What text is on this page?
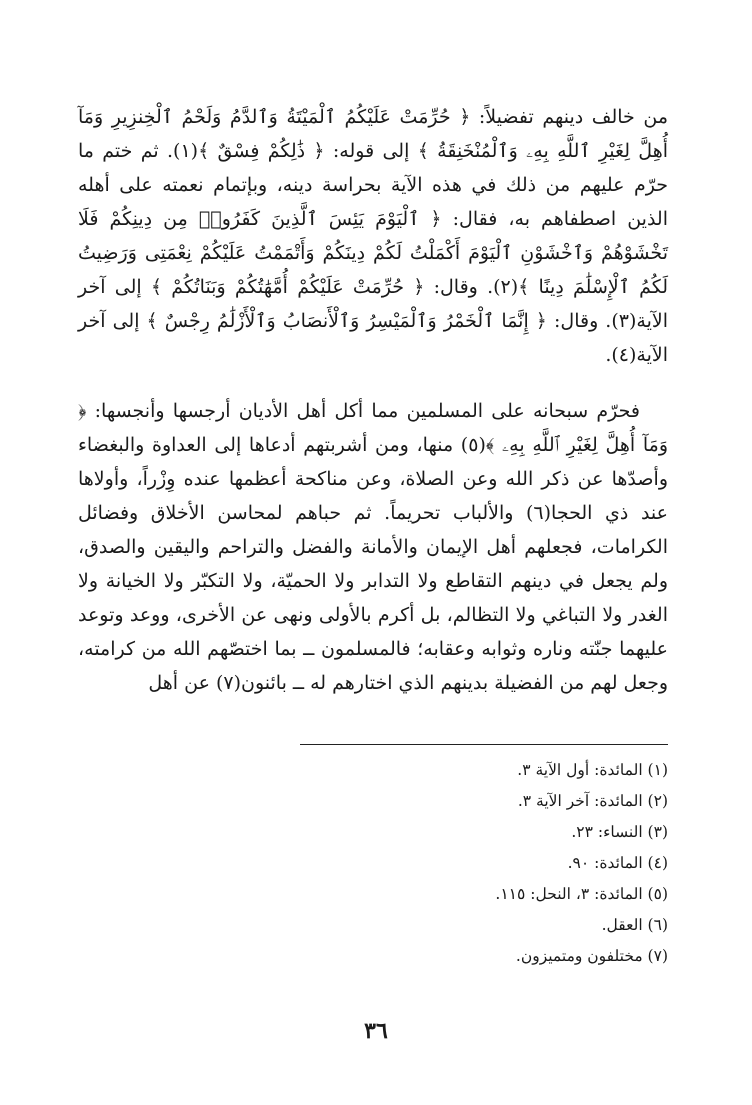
من خالف دينهم تفضيلاً: ﴿ حُرِّمَتْ عَلَيْكُمُ ٱلْمَيْتَةُ وَٱلدَّمُ وَلَحْمُ ٱلْخِنزِيرِ وَمَآ أُهِلَّ لِغَيْرِ ٱللَّهِ بِهِۦ وَٱلْمُنْخَنِقَةُ ﴾ إلى قوله: ﴿ ذَٰلِكُمْ فِسْقٌ ﴾(١). ثم ختم ما حرّم عليهم من ذلك في هذه الآية بحراسة دينه، وبإتمام نعمته على أهله الذين اصطفاهم به، فقال: ﴿ ٱلْيَوْمَ يَئِسَ ٱلَّذِينَ كَفَرُوا۟ مِن دِينِكُمْ فَلَا تَخْشَوْهُمْ وَٱخْشَوْنِ ٱلْيَوْمَ أَكْمَلْتُ لَكُمْ دِينَكُمْ وَأَتْمَمْتُ عَلَيْكُمْ نِعْمَتِى وَرَضِيتُ لَكُمُ ٱلْإِسْلَٰمَ دِينًا ﴾(٢). وقال: ﴿ حُرِّمَتْ عَلَيْكُمْ أُمَّهَٰتُكُمْ وَبَنَاتُكُمْ ﴾ إلى آخر الآية(٣). وقال: ﴿ إِنَّمَا ٱلْخَمْرُ وَٱلْمَيْسِرُ وَٱلْأَنصَابُ وَٱلْأَزْلَٰمُ رِجْسٌ ﴾ إلى آخر الآية(٤).

فحرّم سبحانه على المسلمين مما أكل أهل الأديان أرجسها وأنجسها: ﴿ وَمَآ أُهِلَّ لِغَيْرِ ٱللَّهِ بِهِۦ ﴾(٥) منها، ومن أشربتهم أدعاها إلى العداوة والبغضاء وأصدّها عن ذكر الله وعن الصلاة، وعن مناكحة أعظمها عنده وِزْراً، وأولاها عند ذي الحجا(٦) والألباب تحريماً. ثم حباهم لمحاسن الأخلاق وفضائل الكرامات، فجعلهم أهل الإيمان والأمانة والفضل والتراحم واليقين والصدق، ولم يجعل في دينهم التقاطع ولا التدابر ولا الحميّة، ولا التكبّر ولا الخيانة ولا الغدر ولا التباغي ولا التظالم، بل أكرم بالأولى ونهى عن الأخرى، ووعد وتوعد عليهما جنّته وناره وثوابه وعقابه؛ فالمسلمون ــ بما اختصّهم الله من كرامته، وجعل لهم من الفضيلة بدينهم الذي اختارهم له ــ بائنون(٧) عن أهل

(١) المائدة: أول الآية ٣.

(٢) المائدة: آخر الآية ٣.

(٣) النساء: ٢٣.

(٤) المائدة: ٩٠.

(٥) المائدة: ٣، النحل: ١١٥.

(٦) العقل.

(٧) مختلفون ومتميزون.

٣٦
